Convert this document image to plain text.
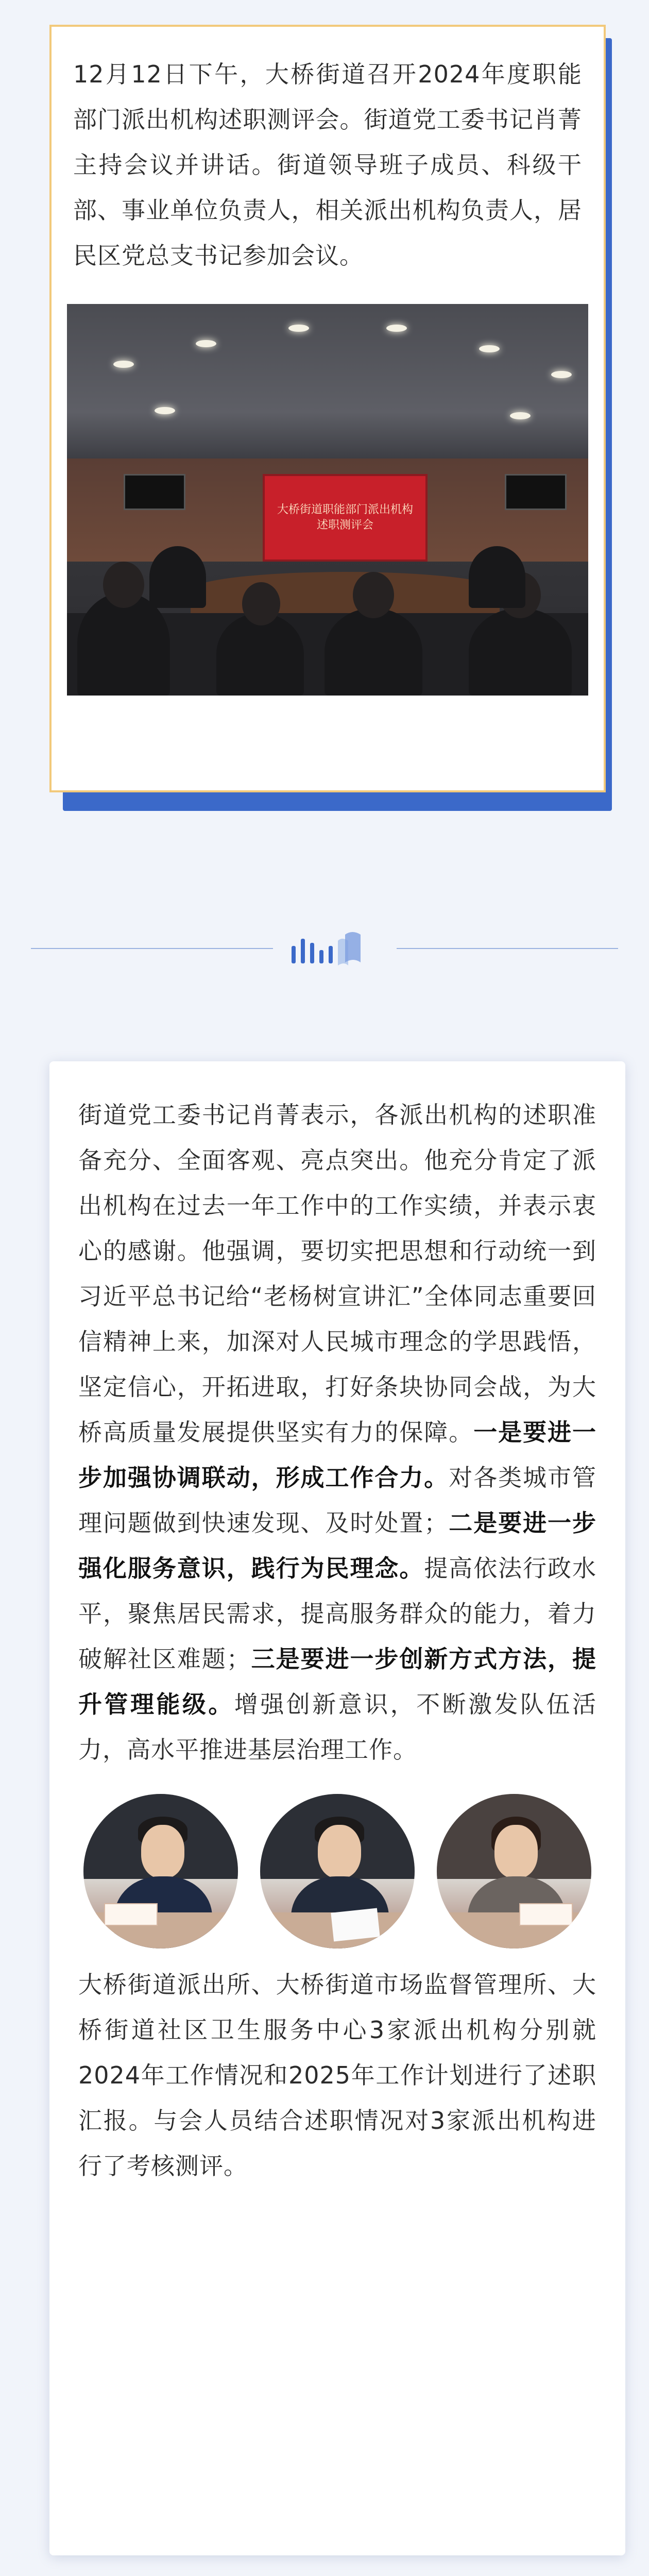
12月12日下午，大桥街道召开2024年度职能部门派出机构述职测评会。街道党工委书记肖菁主持会议并讲话。街道领导班子成员、科级干部、事业单位负责人，相关派出机构负责人，居民区党总支书记参加会议。

大桥街道职能部门派出机构
述职测评会

街道党工委书记肖菁表示，各派出机构的述职准备充分、全面客观、亮点突出。他充分肯定了派出机构在过去一年工作中的工作实绩，并表示衷心的感谢。他强调，要切实把思想和行动统一到习近平总书记给“老杨树宣讲汇”全体同志重要回信精神上来，加深对人民城市理念的学思践悟，坚定信心，开拓进取，打好条块协同会战，为大桥高质量发展提供坚实有力的保障。一是要进一步加强协调联动，形成工作合力。对各类城市管理问题做到快速发现、及时处置；二是要进一步强化服务意识，践行为民理念。提高依法行政水平，聚焦居民需求，提高服务群众的能力，着力破解社区难题；三是要进一步创新方式方法，提升管理能级。增强创新意识，不断激发队伍活力，高水平推进基层治理工作。

大桥街道派出所、大桥街道市场监督管理所、大桥街道社区卫生服务中心3家派出机构分别就2024年工作情况和2025年工作计划进行了述职汇报。与会人员结合述职情况对3家派出机构进行了考核测评。
